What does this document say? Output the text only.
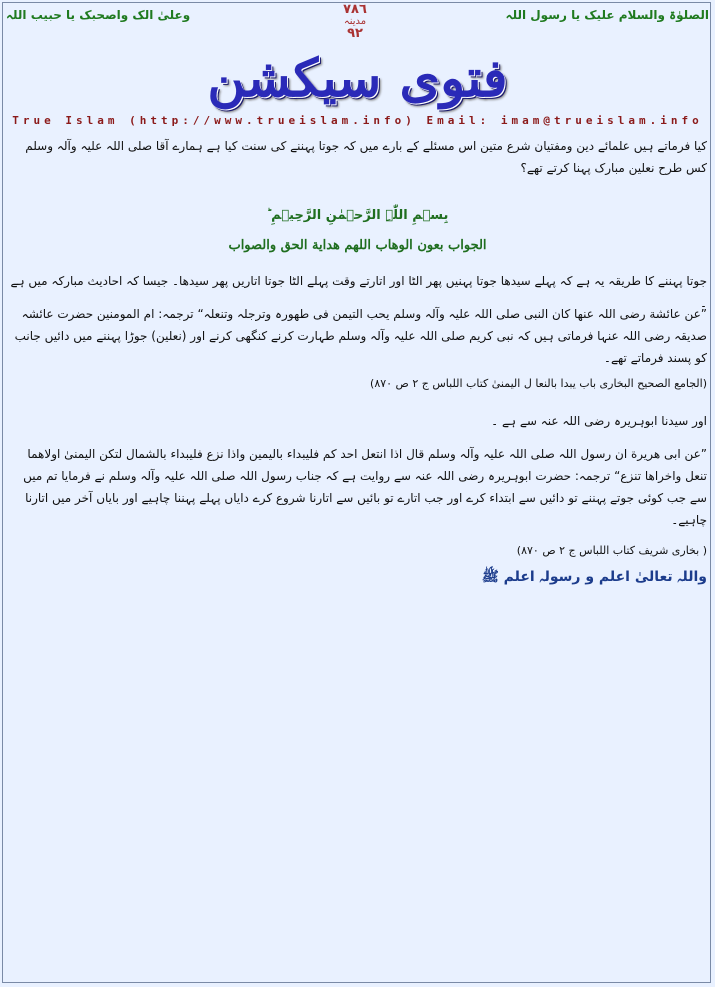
الصلوٰۃ والسلام علیک یا رسول اللہ
وعلیٰ الک واصحبک یا حبیب اللہ	٧٨٦
مدینہ
٩٢
فتوی سیکشن
True Islam (http://www.trueislam.info) Email: imam@trueislam.info
کیا فرماتے ہیں علمائے دین ومفتیان شرع متین اس مسئلے کے بارے میں کہ جوتا پہننے کی سنت کیا ہے ہمارے آقا صلی اللہ علیہ وآلہ وسلم کس طرح نعلین مبارک پہنا کرتے تھے؟
بِسۡمِ اللّٰہِ الرَّحۡمٰنِ الرَّحِیۡمِ ؕ
الجواب بعون الوھاب اللھم ھدایة الحق والصواب
جوتا پہننے کا طریقہ یہ ہے کہ پہلے سیدھا جوتا پہنیں پھر الٹا اور اتارتے وقت پہلے الٹا جوتا اتاریں پھر سیدھا۔ جیسا کہ احادیث مبارکہ میں ہے ۔
”عن عائشة رضی اللہ عنھا کان النبی صلی اللہ علیہ وآلہ وسلم یحب التیمن فی طھورہ وترجلہ وتنعلہ“ ترجمہ: ام المومنین حضرت عائشہ صدیقہ رضی اللہ عنہا فرماتی ہیں کہ نبی کریم صلی اللہ علیہ وآلہ وسلم طہارت کرنے کنگھی کرنے اور (نعلین) جوڑا پہننے میں دائیں جانب کو پسند فرماتے تھے۔
(الجامع الصحیح البخاری باب یبدا بالنعا ل الیمنیٰ کتاب اللباس ج ٢ ص ٨٧٠)
اور سیدنا ابوہریرہ رضی اللہ عنہ سے ہے ۔
”عن ابی ھریرة ان رسول اللہ صلی اللہ علیہ وآلہ وسلم قال اذا انتعل احد کم فلیبداء بالیمین واذا نزع فلیبداء بالشمال لتکن الیمنیٰ اولاھما تنعل واخراھا تنزع“ ترجمہ: حضرت ابوہریرہ رضی اللہ عنہ سے روایت ہے کہ جناب رسول اللہ صلی اللہ علیہ وآلہ وسلم نے فرمایا تم میں سے جب کوئی جوتے پہننے تو دائیں سے ابتداء کرے اور جب اتارے تو بائیں سے اتارنا شروع کرے دایاں پہلے پہننا چاہیے اور بایاں آخر میں اتارنا چاہیے۔
( بخاری شریف کتاب اللباس ج ٢ ص ٨٧٠)
واللہ تعالیٰ اعلم و رسولہ اعلم ﷺ
